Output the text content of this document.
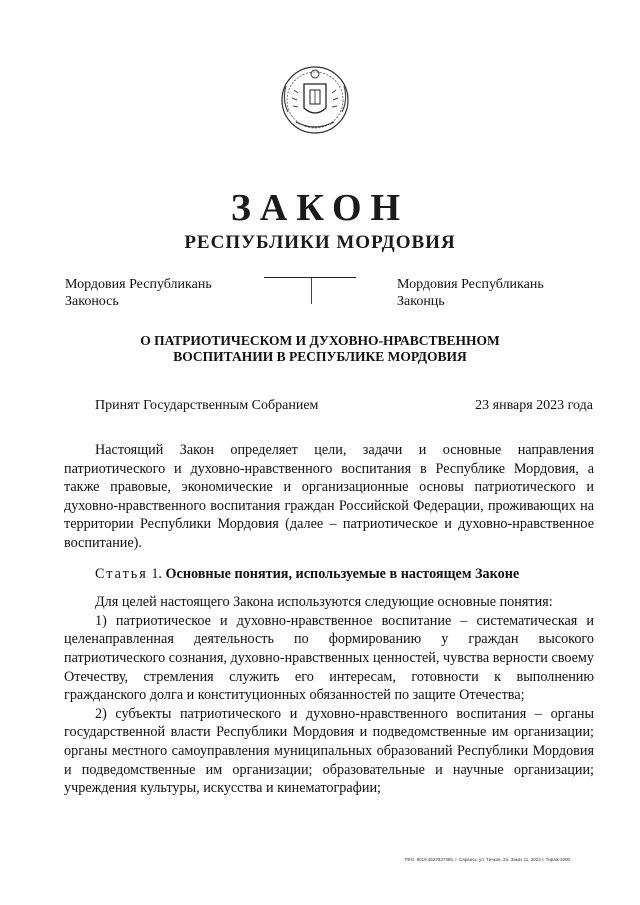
ЗАКОН
РЕСПУБЛИКИ МОРДОВИЯ
Мордовия Республикань
Законось
Мордовия Республикань
Законць
О ПАТРИОТИЧЕСКОМ И ДУХОВНО-НРАВСТВЕННОМ
ВОСПИТАНИИ В РЕСПУБЛИКЕ МОРДОВИЯ
Принят Государственным Собранием	23 января 2023 года

Настоящий Закон определяет цели, задачи и основные направления патриотического и духовно-нравственного воспитания в Республике Мордовия, а также правовые, экономические и организационные основы патриотического и духовно-нравственного воспитания граждан Российской Федерации, проживающих на территории Республики Мордовия (далее – патриотическое и духовно-нравственное воспитание).

Статья 1. Основные понятия, используемые в настоящем Законе

Для целей настоящего Закона используются следующие основные понятия:

1) патриотическое и духовно-нравственное воспитание – систематическая и целенаправленная деятельность по формированию у граждан высокого патриотического сознания, духовно-нравственных ценностей, чувства верности своему Отечеству, стремления служить его интересам, готовности к выполнению гражданского долга и конституционных обязанностей по защите Отечества;

2) субъекты патриотического и духовно-нравственного воспитания – органы государственной власти Республики Мордовия и подведомственные им организации; органы местного самоуправления муниципальных образований Республики Мордовия и подведомственные им организации; образовательные и научные организации; учреждения культуры, искусства и кинематографии;

ТФО. 8019 4527837355, г. Саранск, ул. Тичков, 2а. Заказ 11. 2022 г. Тираж 1000
